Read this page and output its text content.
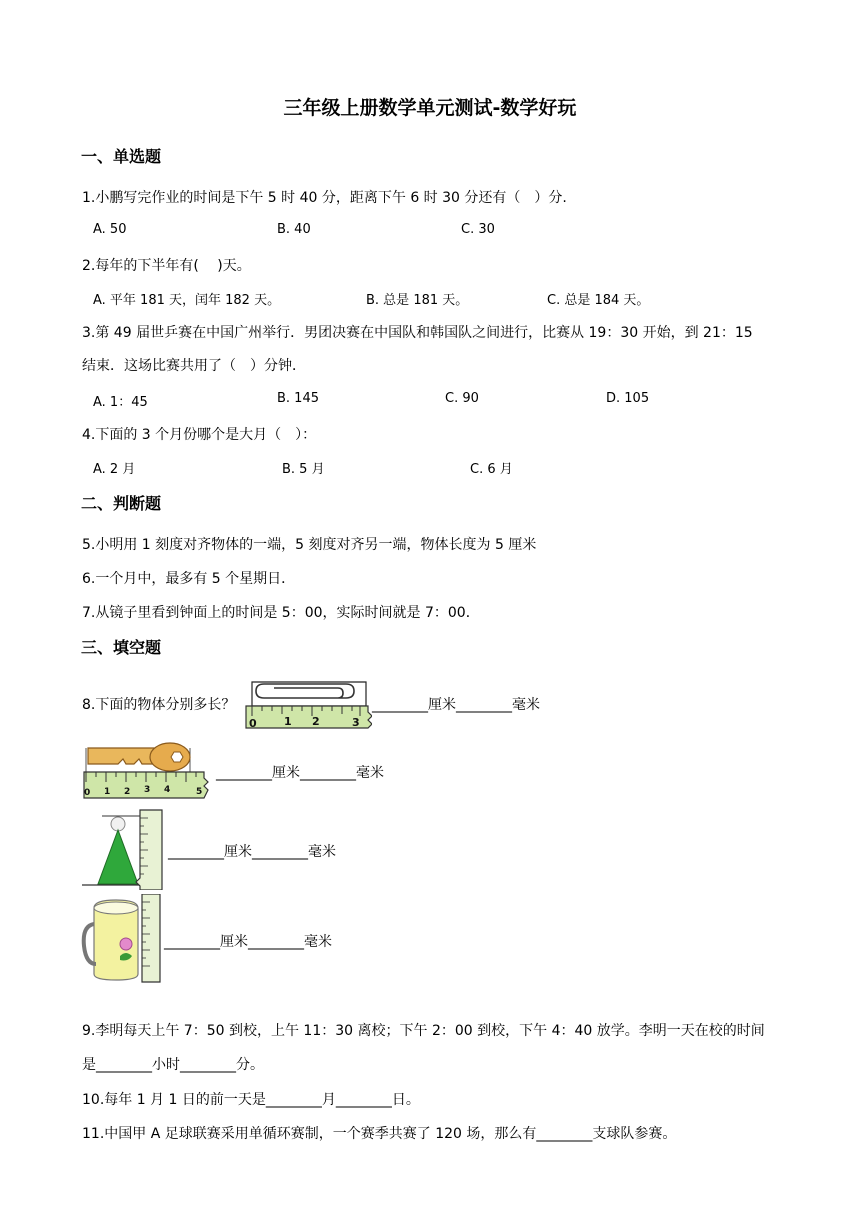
三年级上册数学单元测试-数学好玩
一、单选题
1.小鹏写完作业的时间是下午 5 时 40 分，距离下午 6 时 30 分还有（　）分.
A. 50	B. 40	C. 30
2.每年的下半年有(　 )天。
A. 平年 181 天，闰年 182 天。	B. 总是 181 天。	C. 总是 184 天。
3.第 49 届世乒赛在中国广州举行．男团决赛在中国队和韩国队之间进行，比赛从 19：30 开始，到 21：15
结束．这场比赛共用了（　）分钟．
A. 1：45	B. 145	C. 90	D. 105
4.下面的 3 个月份哪个是大月（　）：
A. 2 月	B. 5 月	C. 6 月
二、判断题
5.小明用 1 刻度对齐物体的一端，5 刻度对齐另一端，物体长度为 5 厘米
6.一个月中，最多有 5 个星期日．
7.从镜子里看到钟面上的时间是 5：00，实际时间就是 7：00．
三、填空题
8.下面的物体分别多长？
0 1 2	3
________厘米________毫米
0 1 2 3 4	5
________厘米________毫米
________厘米________毫米
________厘米________毫米
9.李明每天上午 7：50 到校，上午 11：30 离校；下午 2：00 到校，下午 4：40 放学。李明一天在校的时间
是________小时________分。
10.每年 1 月 1 日的前一天是________月________日。
11.中国甲 A 足球联赛采用单循环赛制，一个赛季共赛了 120 场，那么有________支球队参赛。
